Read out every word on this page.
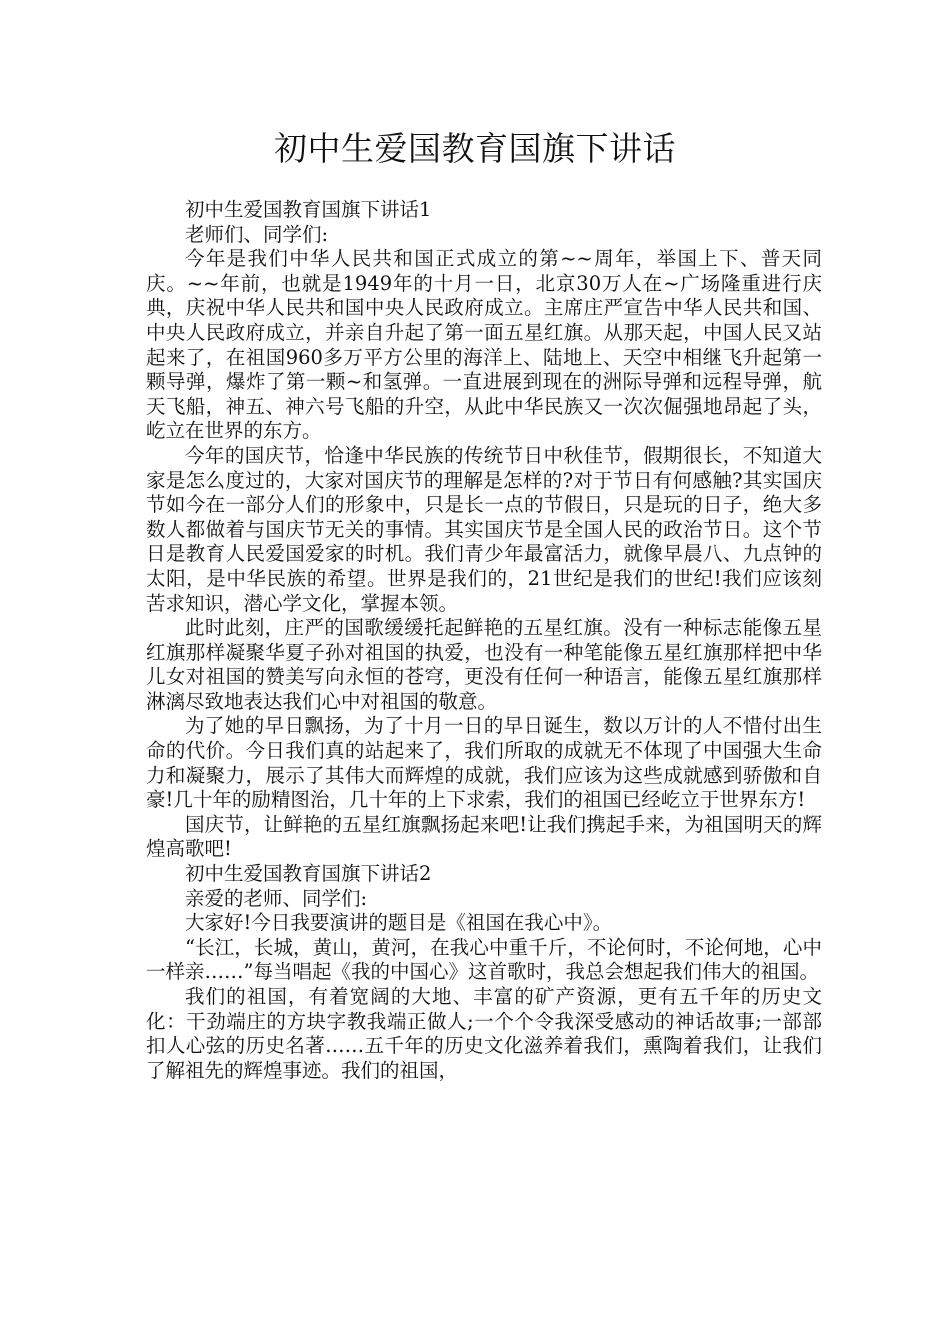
初中生爱国教育国旗下讲话

初中生爱国教育国旗下讲话1

老师们、同学们:

今年是我们中华人民共和国正式成立的第~~周年，举国上下、普天同庆。~~年前，也就是1949年的十月一日，北京30万人在~广场隆重进行庆典，庆祝中华人民共和国中央人民政府成立。主席庄严宣告中华人民共和国、中央人民政府成立，并亲自升起了第一面五星红旗。从那天起，中国人民又站起来了，在祖国960多万平方公里的海洋上、陆地上、天空中相继飞升起第一颗导弹，爆炸了第一颗~和氢弹。一直进展到现在的洲际导弹和远程导弹，航天飞船，神五、神六号飞船的升空，从此中华民族又一次次倔强地昂起了头，屹立在世界的东方。

今年的国庆节，恰逢中华民族的传统节日中秋佳节，假期很长，不知道大家是怎么度过的，大家对国庆节的理解是怎样的?对于节日有何感触?其实国庆节如今在一部分人们的形象中，只是长一点的节假日，只是玩的日子，绝大多数人都做着与国庆节无关的事情。其实国庆节是全国人民的政治节日。这个节日是教育人民爱国爱家的时机。我们青少年最富活力，就像早晨八、九点钟的太阳，是中华民族的希望。世界是我们的，21世纪是我们的世纪!我们应该刻苦求知识，潜心学文化，掌握本领。

此时此刻，庄严的国歌缓缓托起鲜艳的五星红旗。没有一种标志能像五星红旗那样凝聚华夏子孙对祖国的执爱，也没有一种笔能像五星红旗那样把中华儿女对祖国的赞美写向永恒的苍穹，更没有任何一种语言，能像五星红旗那样淋漓尽致地表达我们心中对祖国的敬意。

为了她的早日飘扬，为了十月一日的早日诞生，数以万计的人不惜付出生命的代价。今日我们真的站起来了，我们所取的成就无不体现了中国强大生命力和凝聚力，展示了其伟大而辉煌的成就，我们应该为这些成就感到骄傲和自豪!几十年的励精图治，几十年的上下求索，我们的祖国已经屹立于世界东方!

国庆节，让鲜艳的五星红旗飘扬起来吧!让我们携起手来，为祖国明天的辉煌高歌吧!

初中生爱国教育国旗下讲话2

亲爱的老师、同学们:

大家好!今日我要演讲的题目是《祖国在我心中》。

“长江，长城，黄山，黄河，在我心中重千斤，不论何时，不论何地，心中一样亲……”每当唱起《我的中国心》这首歌时，我总会想起我们伟大的祖国。

我们的祖国，有着宽阔的大地、丰富的矿产资源，更有五千年的历史文化：干劲端庄的方块字教我端正做人;一个个令我深受感动的神话故事;一部部扣人心弦的历史名著……五千年的历史文化滋养着我们，熏陶着我们，让我们了解祖先的辉煌事迹。我们的祖国，
